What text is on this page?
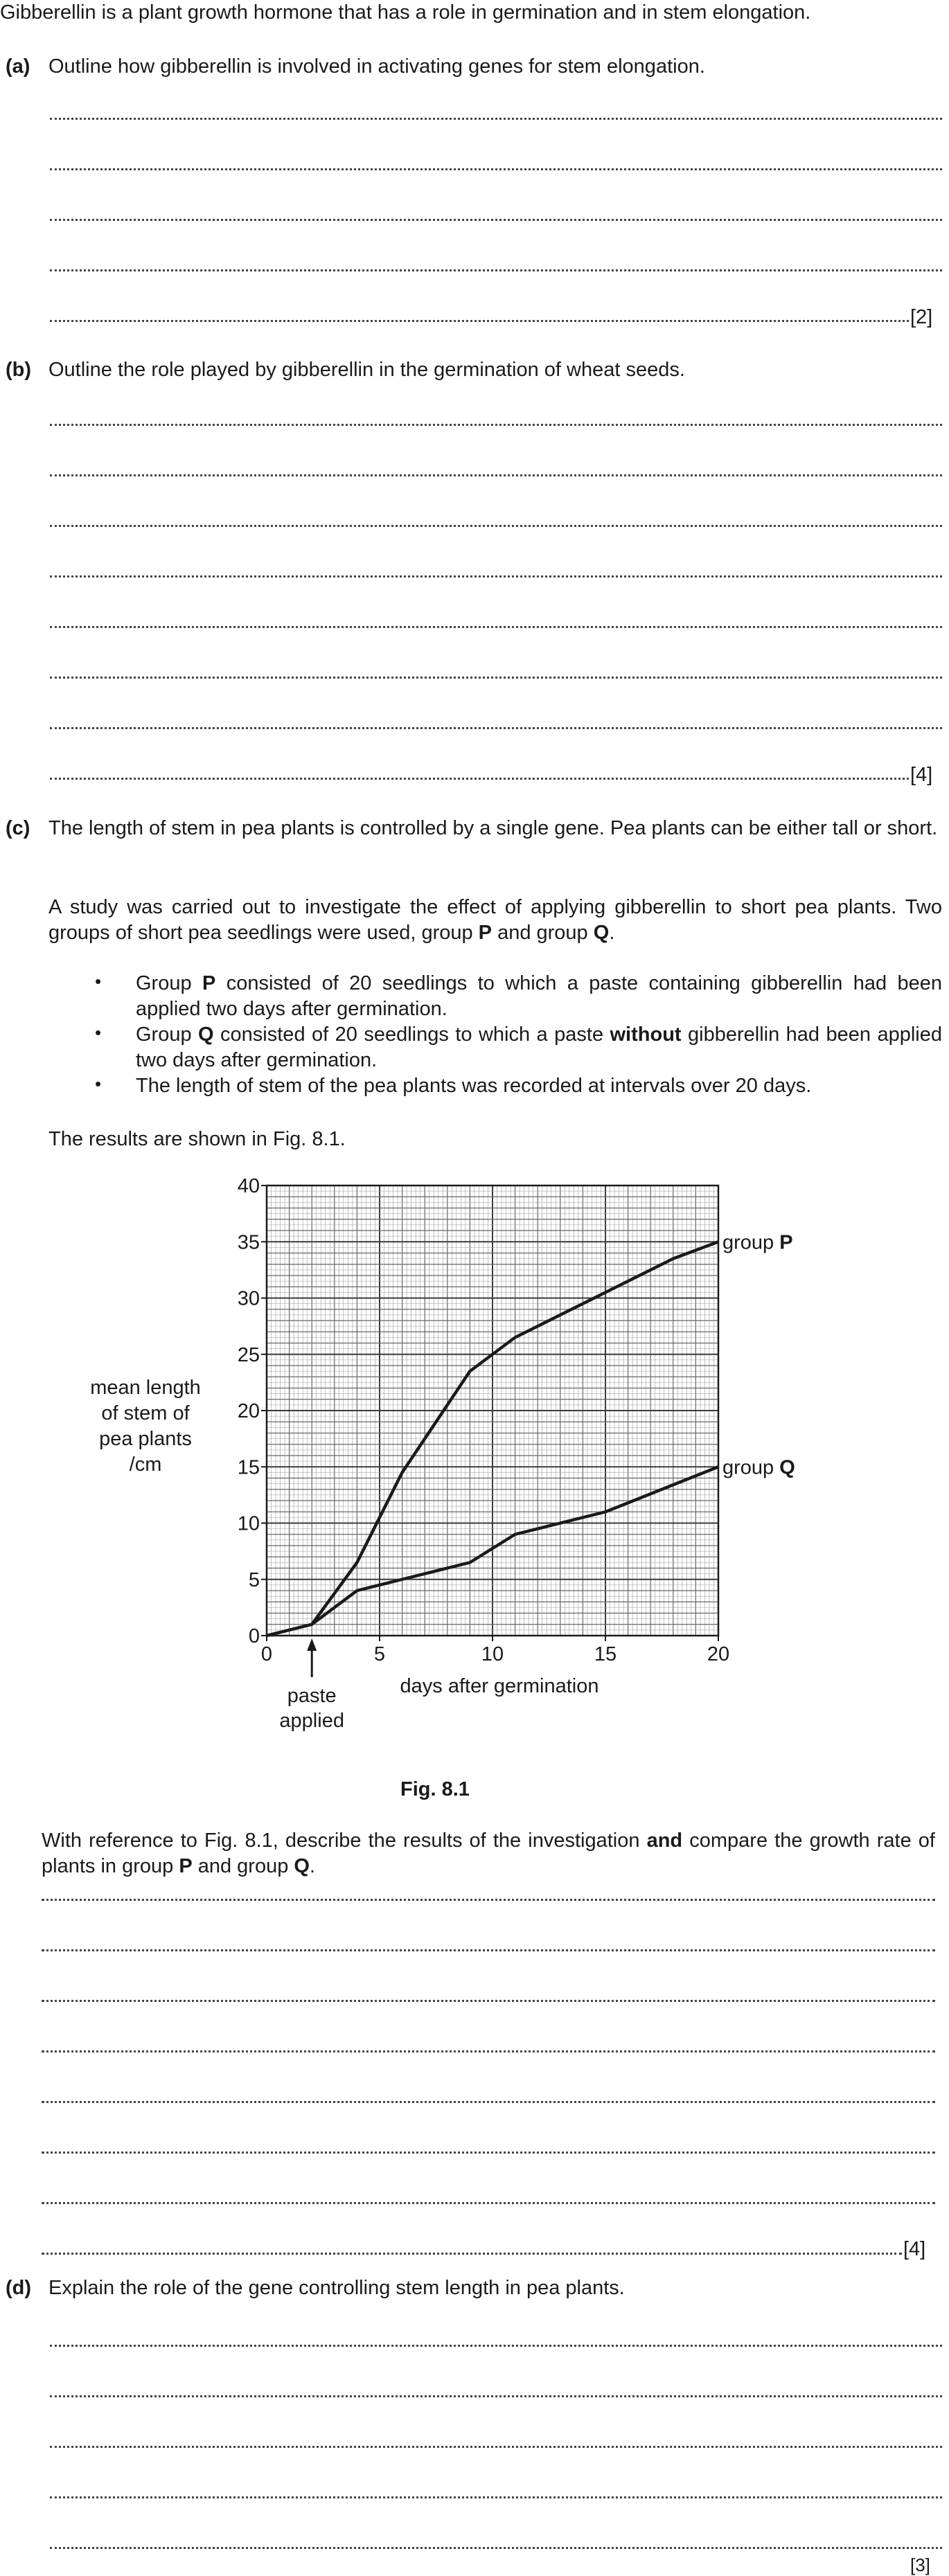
Gibberellin is a plant growth hormone that has a role in germination and in stem elongation.
(a) Outline how gibberellin is involved in activating genes for stem elongation.
[2]
(b) Outline the role played by gibberellin in the germination of wheat seeds.
[4]
(c) The length of stem in pea plants is controlled by a single gene. Pea plants can be either tall or short.
A study was carried out to investigate the effect of applying gibberellin to short pea plants. Two groups of short pea seedlings were used, group P and group Q.
• Group P consisted of 20 seedlings to which a paste containing gibberellin had been applied two days after germination.
• Group Q consisted of 20 seedlings to which a paste without gibberellin had been applied two days after germination.
• The length of stem of the pea plants was recorded at intervals over 20 days.
The results are shown in Fig. 8.1.
0	5	10	15	20
0
5
10
15
20
25
30
35
40
days after germination
mean length
of stem of
pea plants
/cm
group P
group Q
paste
applied
Fig. 8.1
With reference to Fig. 8.1, describe the results of the investigation and compare the growth rate of plants in group P and group Q.
[4]
(d) Explain the role of the gene controlling stem length in pea plants.
[3]
